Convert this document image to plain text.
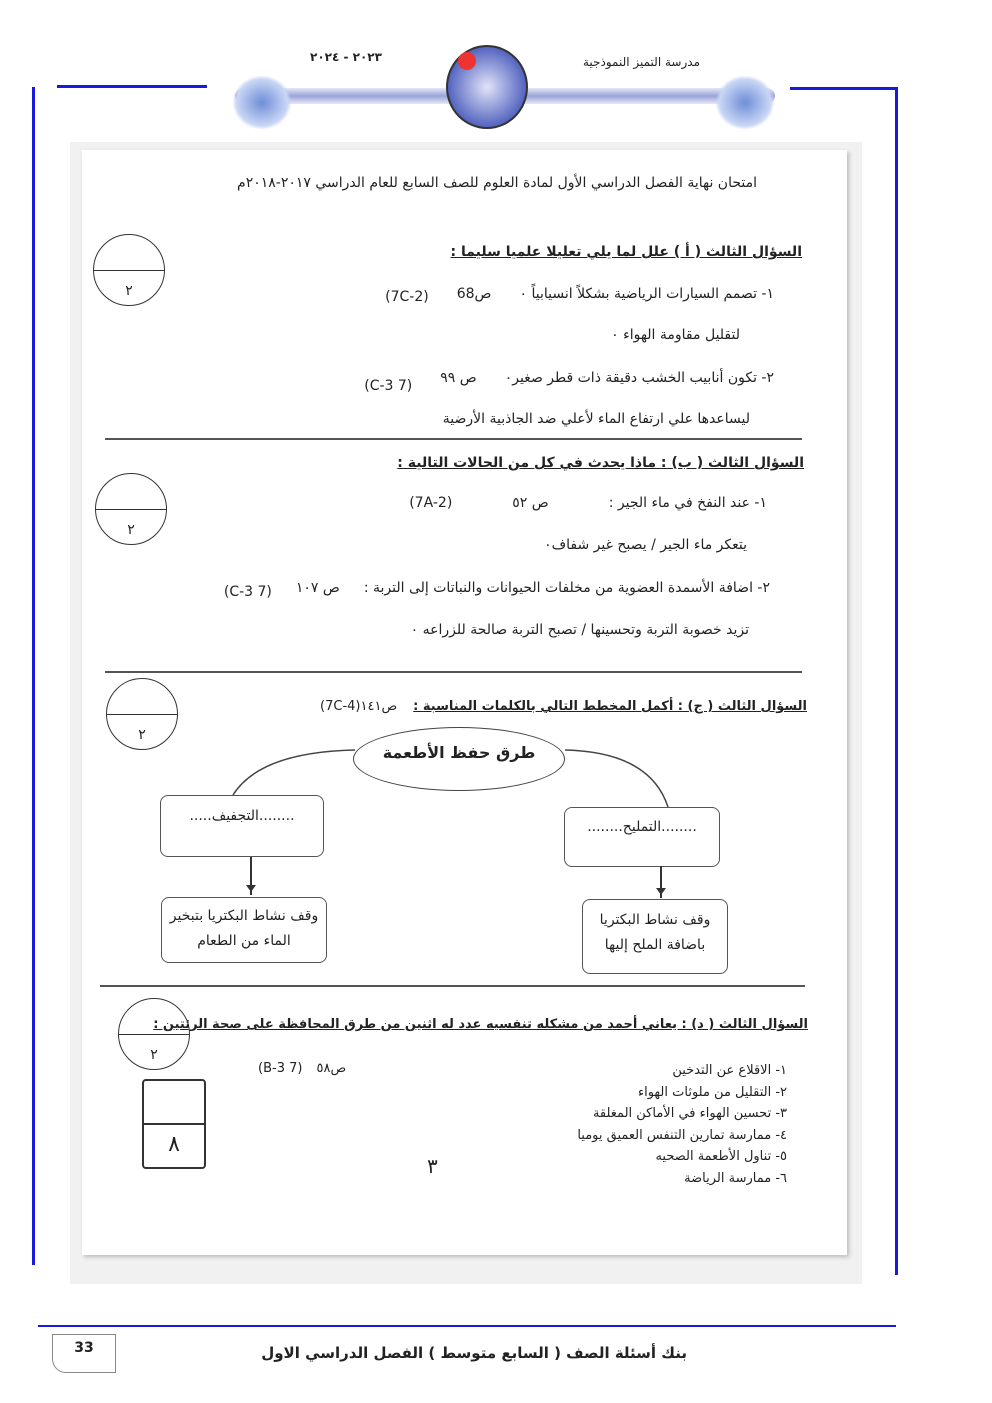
مدرسة التميز النموذجية
٢٠٢٣ - ٢٠٢٤
امتحان نهاية الفصل الدراسي الأول لمادة العلوم للصف السابع للعام الدراسي ٢٠١٧-٢٠١٨م
٢
السؤال الثالث ( أ ) علل لما يلي تعليلا علميا سليما :
١- تصمم السيارات الرياضية بشكلاً انسيابياً ٠
ص68
(7C-2)
لتقليل مقاومة الهواء ٠
٢- تكون أنابيب الخشب دقيقة ذات قطر صغير٠
ص ٩٩
(7 C-3)
ليساعدها علي ارتفاع الماء لأعلي ضد الجاذبية الأرضية
٢
السؤال الثالث ( ب) : ماذا يحدث في كل من الحالات التالية :
١- عند النفخ في ماء الجير :
ص ٥٢
(7A-2)
يتعكر ماء الجير / يصبح غير شفاف٠
٢- اضافة الأسمدة العضوية من مخلفات الحيوانات والنباتات إلى التربة :
ص ١٠٧
(7 C-3)
تزيد خصوبة التربة وتحسينها / تصبح التربة صالحة للزراعه ٠
٢
السؤال الثالث ( ج) : أكمل المخطط التالي بالكلمات المناسبة :
ص١٤١(7C-4)
طرق حفظ الأطعمة
........التجفيف.....
........التمليح........
وقف نشاط البكتريا بتبخير الماء من الطعام
وقف نشاط البكتريا باضافة الملح إليها
٢
السؤال الثالث ( د) : يعاني أحمد من مشكله تنفسيه عدد له اثنين من طرق المحافظة على صحة الرئتين :
١- الاقلاع عن التدخين
٢- التقليل من ملوثات الهواء
٣- تحسين الهواء في الأماكن المغلقة
٤- ممارسة تمارين التنفس العميق يوميا
٥- تناول الأطعمة الصحيه
٦- ممارسة الرياضة
ص٥٨
(7 B-3)
٨
٣
بنك أسئلة الصف ( السابع متوسط ) الفصل الدراسي الاول
33
